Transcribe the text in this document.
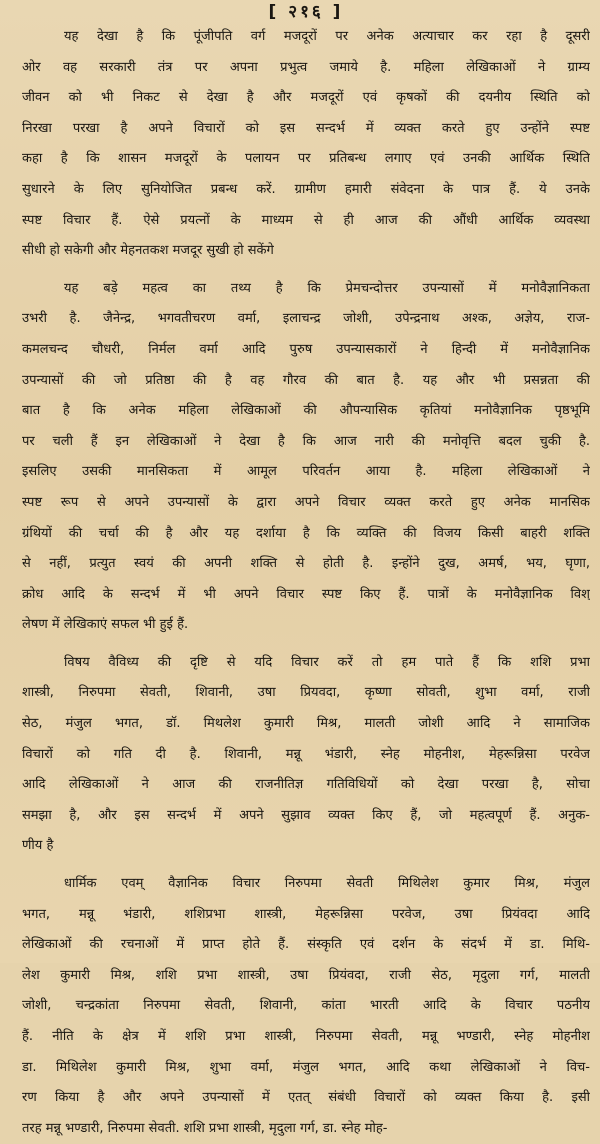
[ २१६ ]
यह देखा है कि पूंजीपति वर्ग मजदूरों पर अनेक अत्याचार कर रहा है दूसरी
ओर वह सरकारी तंत्र पर अपना प्रभुत्व जमाये है. महिला लेखिकाओं ने ग्राम्य
जीवन को भी निकट से देखा है और मजदूरों एवं कृषकों की दयनीय स्थिति को
निरखा परखा है अपने विचारों को इस सन्दर्भ में व्यक्त करते हुए उन्होंने स्पष्ट
कहा है कि शासन मजदूरों के पलायन पर प्रतिबन्ध लगाए एवं उनकी आर्थिक स्थिति
सुधारने के लिए सुनियोजित प्रबन्ध करें. ग्रामीण हमारी संवेदना के पात्र हैं. ये उनके
स्पष्ट विचार हैं. ऐसे प्रयत्नों के माध्यम से ही आज की औंधी आर्थिक व्यवस्था
सीधी हो सकेगी और मेहनतकश मजदूर सुखी हो सकेंगे
यह बड़े महत्व का तथ्य है कि प्रेमचन्दोत्तर उपन्यासों में मनोवैज्ञानिकता
उभरी है. जैनेन्द्र, भगवतीचरण वर्मा, इलाचन्द्र जोशी, उपेन्द्रनाथ अश्क, अज्ञेय, राज-
कमलचन्द चौधरी, निर्मल वर्मा आदि पुरुष उपन्यासकारों ने हिन्दी में मनोवैज्ञानिक
उपन्यासों की जो प्रतिष्ठा की है वह गौरव की बात है. यह और भी प्रसन्नता की
बात है कि अनेक महिला लेखिकाओं की औपन्यासिक कृतियां मनोवैज्ञानिक पृष्ठभूमि
पर चली हैं इन लेखिकाओं ने देखा है कि आज नारी की मनोवृत्ति बदल चुकी है.
इसलिए उसकी मानसिकता में आमूल परिवर्तन आया है. महिला लेखिकाओं ने
स्पष्ट रूप से अपने उपन्यासों के द्वारा अपने विचार व्यक्त करते हुए अनेक मानसिक
ग्रंथियों की चर्चा की है और यह दर्शाया है कि व्यक्ति की विजय किसी बाहरी शक्ति
से नहीं, प्रत्युत स्वयं की अपनी शक्ति से होती है. इन्होंने दुख, अमर्ष, भय, घृणा,
क्रोध आदि के सन्दर्भ में भी अपने विचार स्पष्ट किए हैं. पात्रों के मनोवैज्ञानिक विश्
लेषण में लेखिकाएं सफल भी हुई हैं.
विषय वैविध्य की दृष्टि से यदि विचार करें तो हम पाते हैं कि शशि प्रभा
शास्त्री, निरुपमा सेवती, शिवानी, उषा प्रियवदा, कृष्णा सोवती, शुभा वर्मा, राजी
सेठ, मंजुल भगत, डॉ. मिथलेश कुमारी मिश्र, मालती जोशी आदि ने सामाजिक
विचारों को गति दी है. शिवानी, मन्नू भंडारी, स्नेह मोहनीश, मेहरून्निसा परवेज
आदि लेखिकाओं ने आज की राजनीतिज्ञ गतिविधियों को देखा परखा है, सोचा
समझा है, और इस सन्दर्भ में अपने सुझाव व्यक्त किए हैं, जो महत्वपूर्ण हैं. अनुक-
णीय है
धार्मिक एवम् वैज्ञानिक विचार निरुपमा सेवती मिथिलेश कुमार मिश्र, मंजुल
भगत, मन्नू भंडारी, शशिप्रभा शास्त्री, मेहरून्निसा परवेज, उषा प्रियंवदा आदि
लेखिकाओं की रचनाओं में प्राप्त होते हैं. संस्कृति एवं दर्शन के संदर्भ में डा. मिथि-
लेश कुमारी मिश्र, शशि प्रभा शास्त्री, उषा प्रियंवदा, राजी सेठ, मृदुला गर्ग, मालती
जोशी, चन्द्रकांता निरुपमा सेवती, शिवानी, कांता भारती आदि के विचार पठनीय
हैं. नीति के क्षेत्र में शशि प्रभा शास्त्री, निरुपमा सेवती, मन्नू भण्डारी, स्नेह मोहनीश
डा. मिथिलेश कुमारी मिश्र, शुभा वर्मा, मंजुल भगत, आदि कथा लेखिकाओं ने विच-
रण किया है और अपने उपन्यासों में एतत् संबंधी विचारों को व्यक्त किया है. इसी
तरह मन्नू भण्डारी, निरुपमा सेवती. शशि प्रभा शास्त्री, मृदुला गर्ग, डा. स्नेह मोह-
